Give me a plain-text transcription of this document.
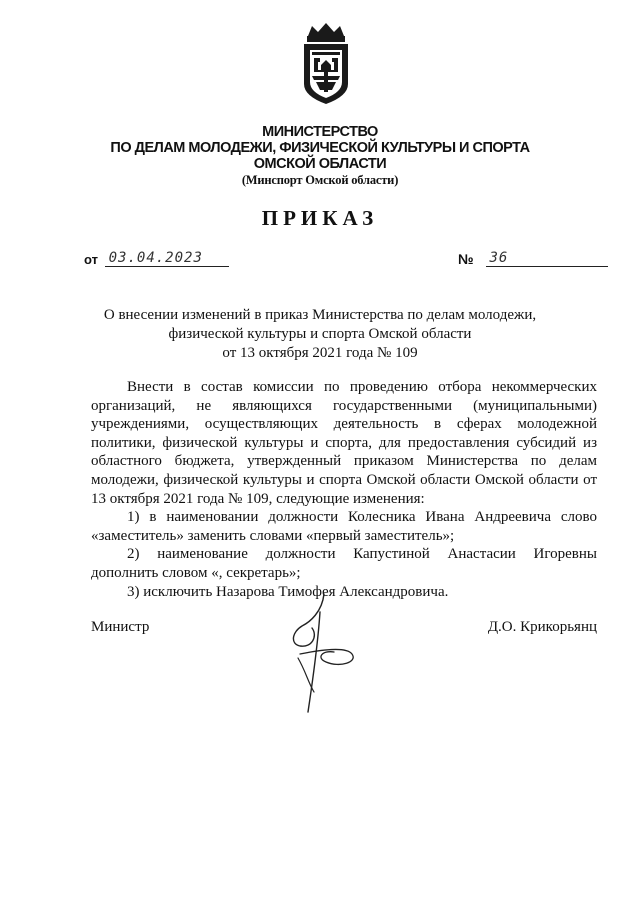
МИНИСТЕРСТВО
ПО ДЕЛАМ МОЛОДЕЖИ, ФИЗИЧЕСКОЙ КУЛЬТУРЫ И СПОРТА
ОМСКОЙ ОБЛАСТИ
(Минспорт Омской области)
ПРИКАЗ
от 03.04.2023	№ 36
О внесении изменений в приказ Министерства по делам молодежи,
физической культуры и спорта Омской области
от 13 октября 2021 года № 109

Внести в состав комиссии по проведению отбора некоммерческих организаций, не являющихся государственными (муниципальными) учреждениями, осуществляющих деятельность в сферах молодежной политики, физической культуры и спорта, для предоставления субсидий из областного бюджета, утвержденный приказом Министерства по делам молодежи, физической культуры и спорта Омской области Омской области от 13 октября 2021 года № 109, следующие изменения:

1) в наименовании должности Колесника Ивана Андреевича слово «заместитель» заменить словами «первый заместитель»;

2) наименование должности Капустиной Анастасии Игоревны дополнить словом «, секретарь»;

3) исключить Назарова Тимофея Александровича.

Министр	Д.О. Крикорьянц
